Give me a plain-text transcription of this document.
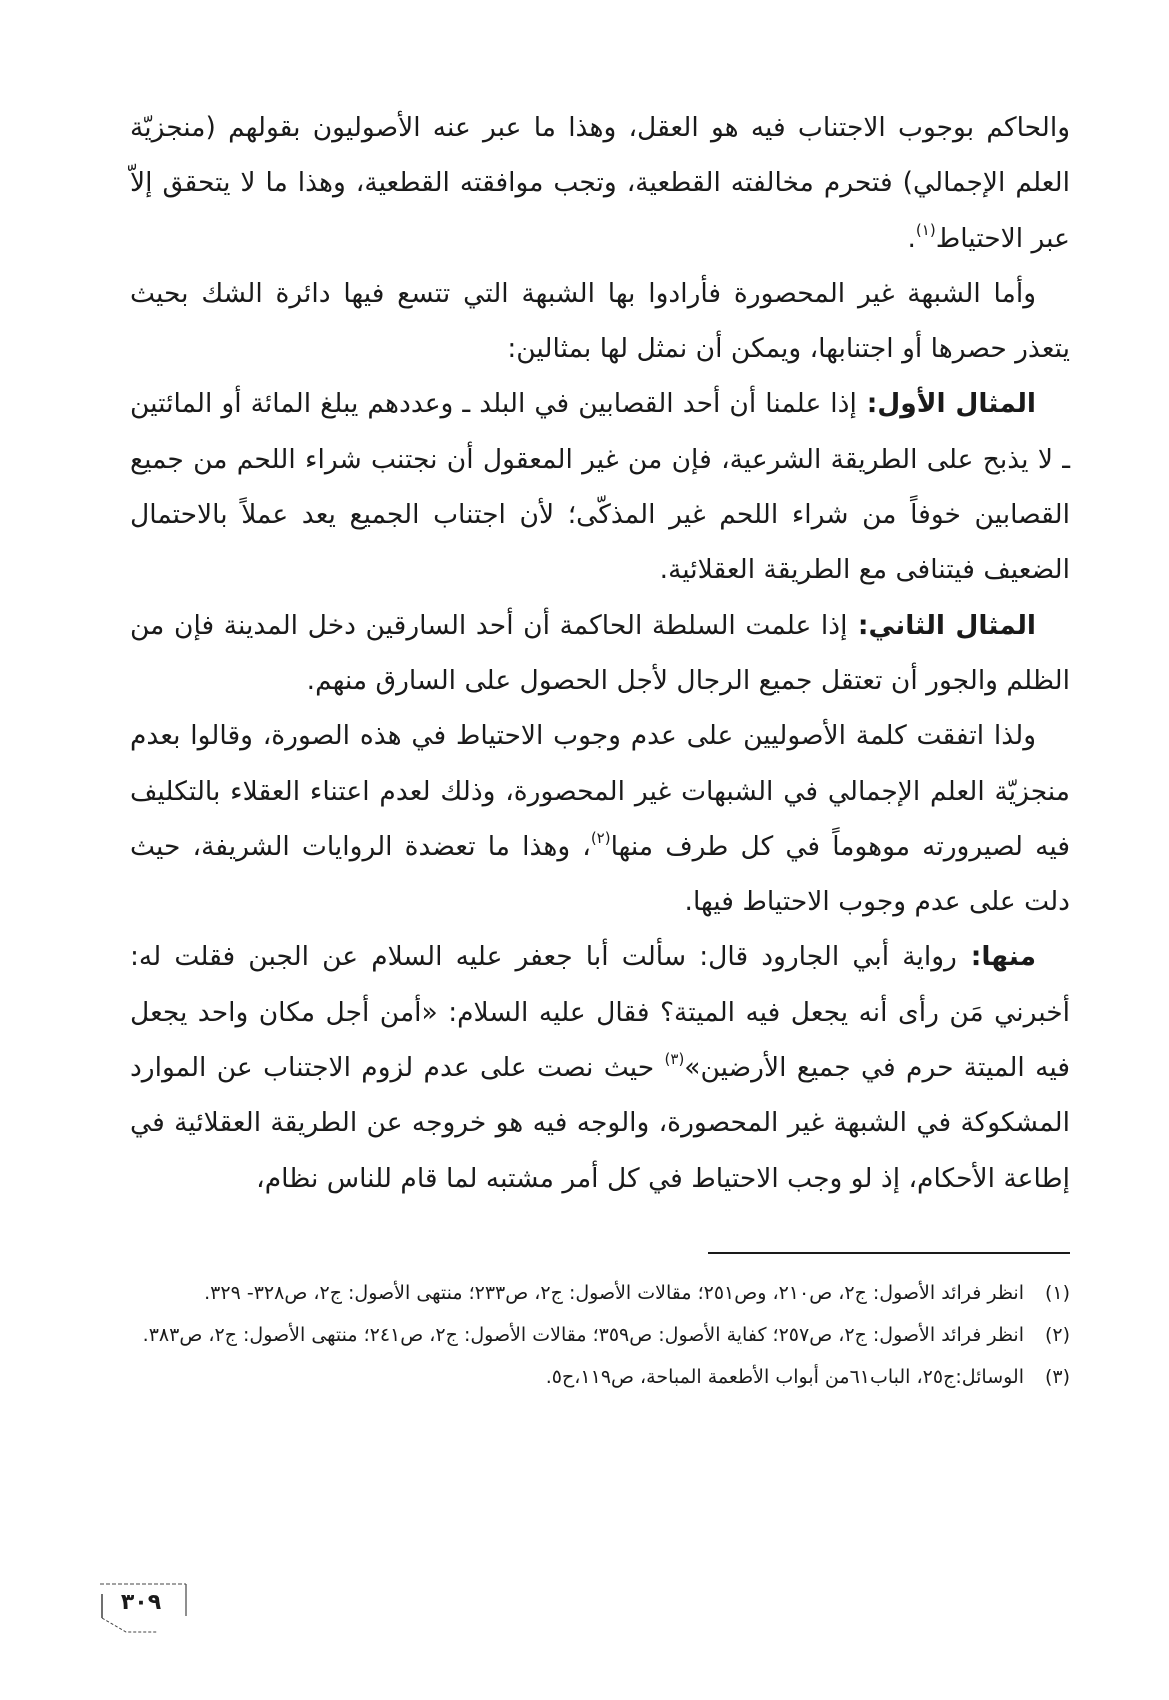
والحاكم بوجوب الاجتناب فيه هو العقل، وهذا ما عبر عنه الأصوليون بقولهم (منجزيّة العلم الإجمالي) فتحرم مخالفته القطعية، وتجب موافقته القطعية، وهذا ما لا يتحقق إلاّ عبر الاحتياط$^{(١)}$.

وأما الشبهة غير المحصورة فأرادوا بها الشبهة التي تتسع فيها دائرة الشك بحيث يتعذر حصرها أو اجتنابها، ويمكن أن نمثل لها بمثالين:

المثال الأول: إذا علمنا أن أحد القصابين في البلد ـ وعددهم يبلغ المائة أو المائتين ـ لا يذبح على الطريقة الشرعية، فإن من غير المعقول أن نجتنب شراء اللحم من جميع القصابين خوفاً من شراء اللحم غير المذكّى؛ لأن اجتناب الجميع يعد عملاً بالاحتمال الضعيف فيتنافى مع الطريقة العقلائية.

المثال الثاني: إذا علمت السلطة الحاكمة أن أحد السارقين دخل المدينة فإن من الظلم والجور أن تعتقل جميع الرجال لأجل الحصول على السارق منهم.

ولذا اتفقت كلمة الأصوليين على عدم وجوب الاحتياط في هذه الصورة، وقالوا بعدم منجزيّة العلم الإجمالي في الشبهات غير المحصورة، وذلك لعدم اعتناء العقلاء بالتكليف فيه لصيرورته موهوماً في كل طرف منها$^{(٢)}$، وهذا ما تعضدة الروايات الشريفة، حيث دلت على عدم وجوب الاحتياط فيها.

منها: رواية أبي الجارود قال: سألت أبا جعفر عليه السلام عن الجبن فقلت له: أخبرني مَن رأى أنه يجعل فيه الميتة؟ فقال عليه السلام: «أمن أجل مكان واحد يجعل فيه الميتة حرم في جميع الأرضين»$^{(٣)}$ حيث نصت على عدم لزوم الاجتناب عن الموارد المشكوكة في الشبهة غير المحصورة، والوجه فيه هو خروجه عن الطريقة العقلائية في إطاعة الأحكام، إذ لو وجب الاحتياط في كل أمر مشتبه لما قام للناس نظام،

(١)انظر فرائد الأصول: ج٢، ص٢١٠، وص٢٥١؛ مقالات الأصول: ج٢، ص٢٣٣؛ منتهى الأصول: ج٢، ص٣٢٨- ٣٢٩.

(٢)انظر فرائد الأصول: ج٢، ص٢٥٧؛ كفاية الأصول: ص٣٥٩؛ مقالات الأصول: ج٢، ص٢٤١؛ منتهى الأصول: ج٢، ص٣٨٣.

(٣)الوسائل:ج٢٥، الباب٦١من أبواب الأطعمة المباحة، ص١١٩،ح٥.

٣٠٩
